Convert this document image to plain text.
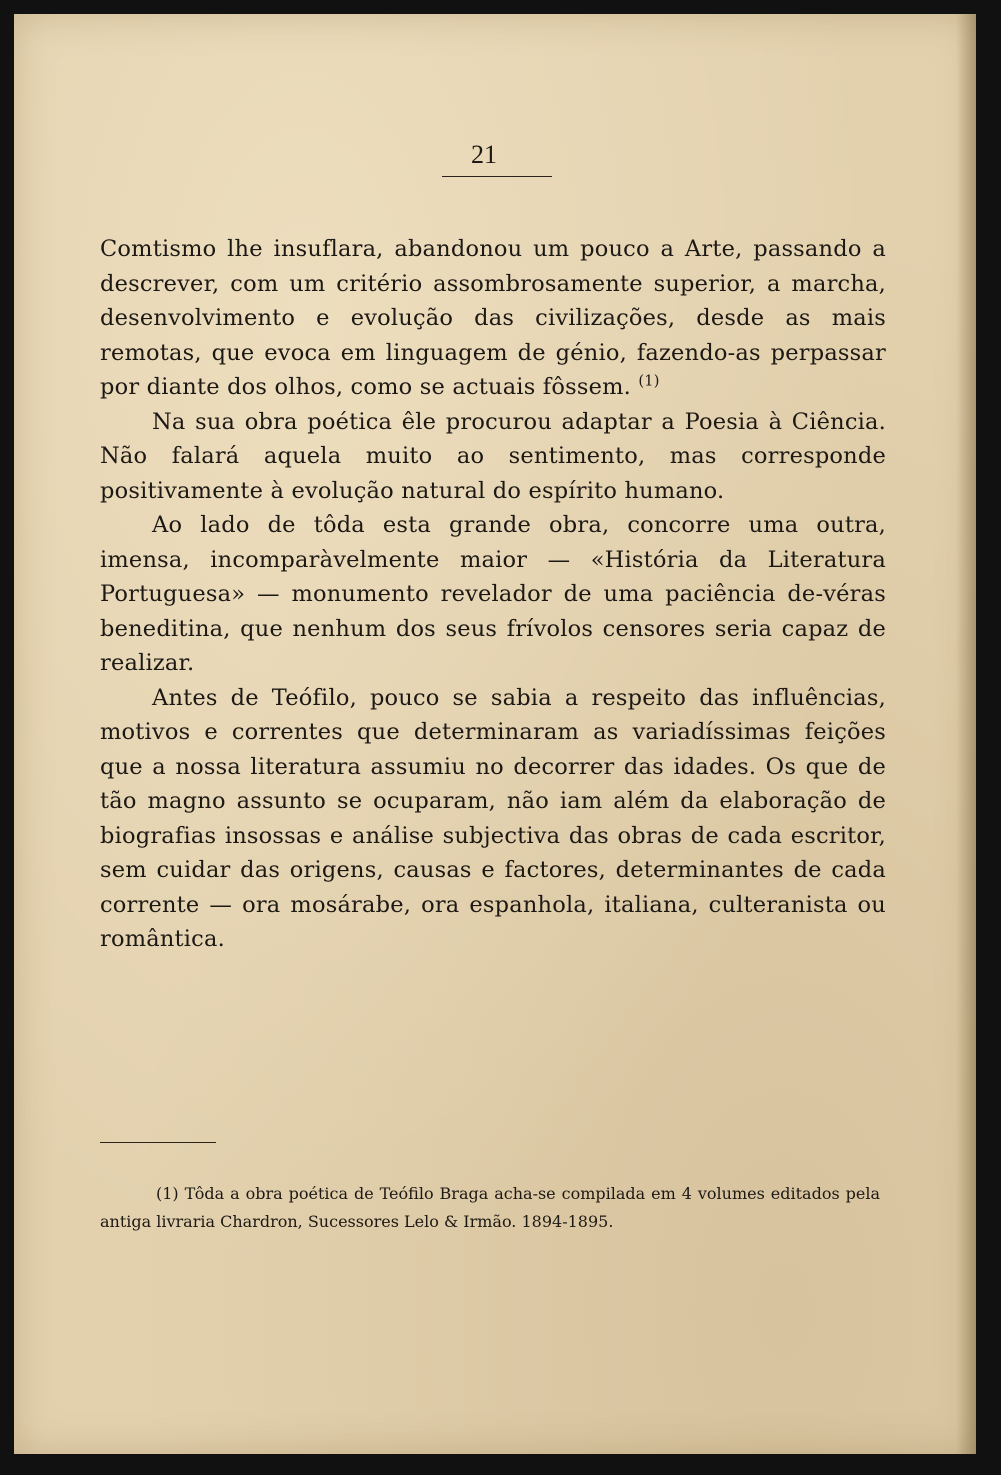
21

Comtismo lhe insuflara, abandonou um pouco a Arte, passando a descrever, com um critério assombrosamente superior, a marcha, desenvolvimento e evolução das civilizações, desde as mais remotas, que evoca em linguagem de génio, fazendo-as perpassar por diante dos olhos, como se actuais fôssem. $^{(1)}$

Na sua obra poética êle procurou adaptar a Poesia à Ciência. Não falará aquela muito ao sentimento, mas corresponde positivamente à evolução natural do espírito humano.

Ao lado de tôda esta grande obra, concorre uma outra, imensa, incomparàvelmente maior — «História da Literatura Portuguesa» — monumento revelador de uma paciência de-véras beneditina, que nenhum dos seus frívolos censores seria capaz de realizar.

Antes de Teófilo, pouco se sabia a respeito das influências, motivos e correntes que determinaram as variadíssimas feições que a nossa literatura assumiu no decorrer das idades. Os que de tão magno assunto se ocuparam, não iam além da elaboração de biografias insossas e análise subjectiva das obras de cada escritor, sem cuidar das origens, causas e factores, determinantes de cada corrente — ora mosárabe, ora espanhola, italiana, culteranista ou romântica.

(1) Tôda a obra poética de Teófilo Braga acha-se compilada em 4 volumes editados pela antiga livraria Chardron, Sucessores Lelo & Irmão. 1894-1895.
